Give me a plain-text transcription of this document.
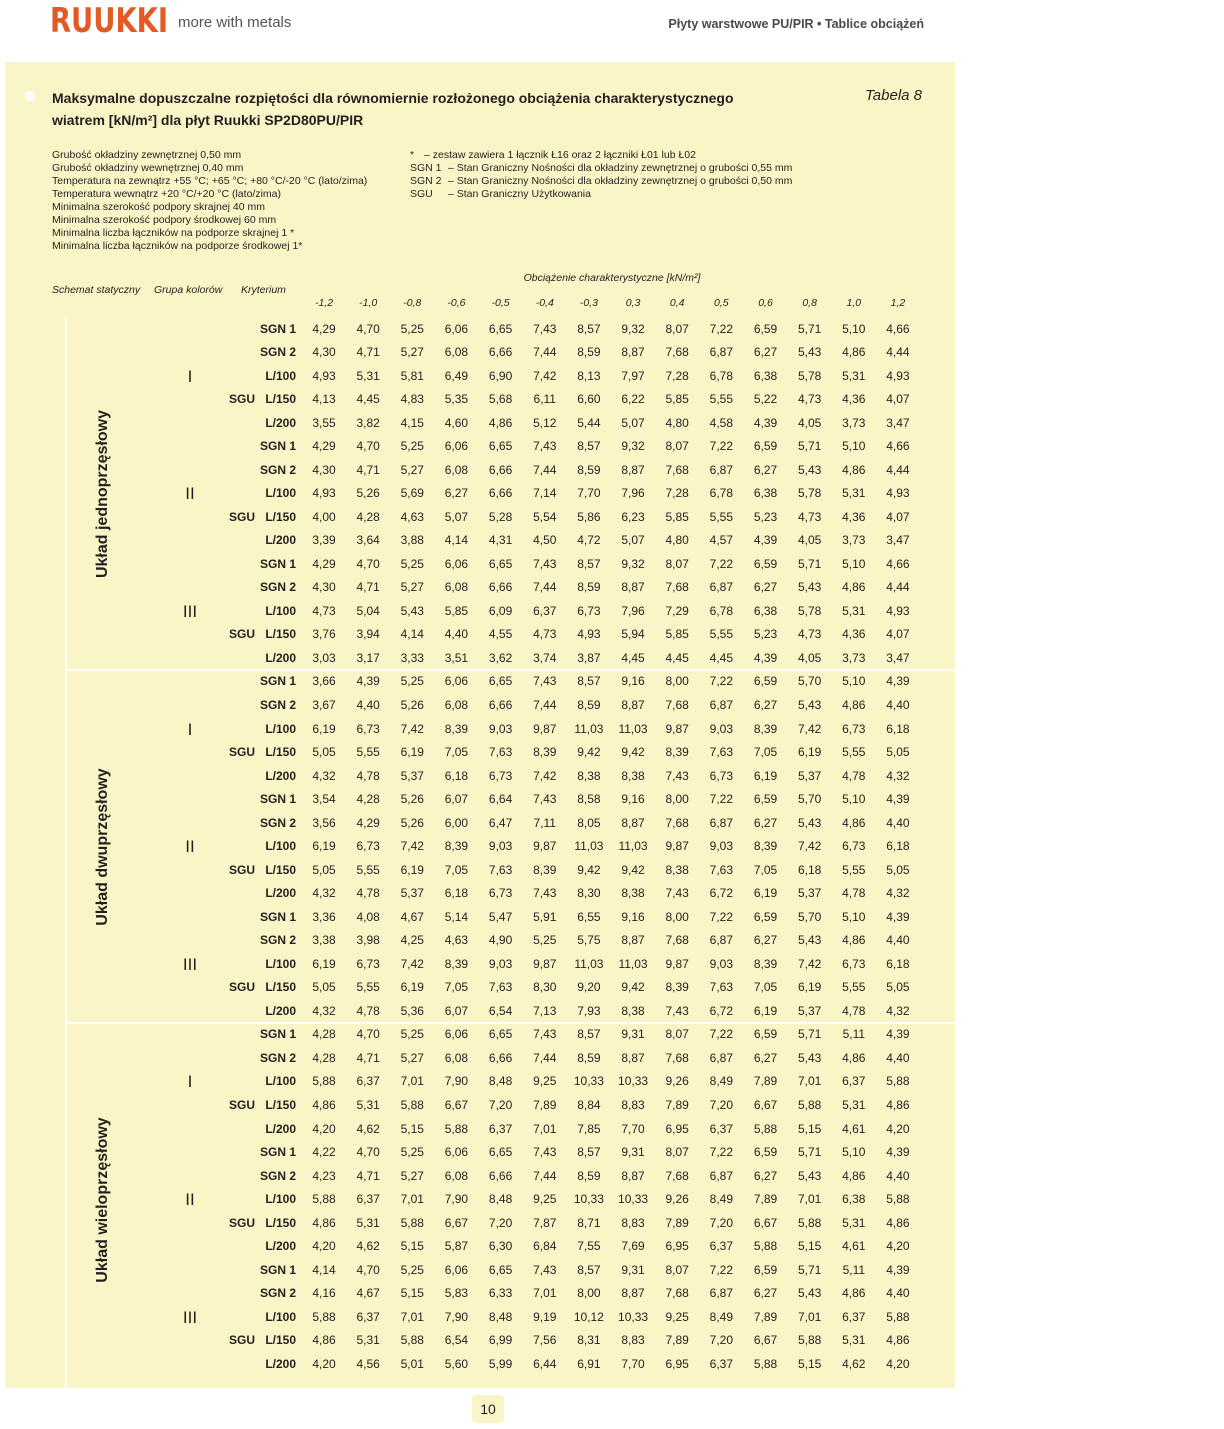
RUUKKI more with metals	Płyty warstwowe PU/PIR • Tablice obciążeń
Maksymalne dopuszczalne rozpiętości dla równomiernie rozłożonego obciążenia charakterystycznego
wiatrem [kN/m²] dla płyt Ruukki SP2D80PU/PIR
Tabela 8
Grubość okładziny zewnętrznej 0,50 mm
Grubość okładziny wewnętrznej 0,40 mm
Temperatura na zewnątrz +55 °C; +65 °C; +80 °C/-20 °C (lato/zima)
Temperatura wewnątrz +20 °C/+20 °C (lato/zima)
Minimalna szerokość podpory skrajnej 40 mm
Minimalna szerokość podpory środkowej 60 mm
Minimalna liczba łączników na podporze skrajnej 1 *
Minimalna liczba łączników na podporze środkowej 1*
* – zestaw zawiera 1 łącznik Ł16 oraz 2 łączniki Ł01 lub Ł02
SGN 1 – Stan Graniczny Nośności dla okładziny zewnętrznej o grubości 0,55 mm
SGN 2 – Stan Graniczny Nośności dla okładziny zewnętrznej o grubości 0,50 mm
SGU	– Stan Graniczny Użytkowania
Obciążenie charakterystyczne [kN/m²]
Schemat statyczny Grupa kolorów Kryterium
10
-1,2	-1,0	-0,8	-0,6	-0,5	-0,4	-0,3	0,3	0,4	0,5	0,6	0,8	1,0	1,2
Układ jednoprzęsłowy
SGN 1	4,29	4,70	5,25	6,06	6,65	7,43	8,57	9,32	8,07	7,22	6,59	5,71	5,10	4,66
SGN 2	4,30	4,71	5,27	6,08	6,66	7,44	8,59	8,87	7,68	6,87	6,27	5,43	4,86	4,44
I	L/100	4,93	5,31	5,81	6,49	6,90	7,42	8,13	7,97	7,28	6,78	6,38	5,78	5,31	4,93
SGU L/150	4,13	4,45	4,83	5,35	5,68	6,11	6,60	6,22	5,85	5,55	5,22	4,73	4,36	4,07
L/200	3,55	3,82	4,15	4,60	4,86	5,12	5,44	5,07	4,80	4,58	4,39	4,05	3,73	3,47
SGN 1	4,29	4,70	5,25	6,06	6,65	7,43	8,57	9,32	8,07	7,22	6,59	5,71	5,10	4,66
SGN 2	4,30	4,71	5,27	6,08	6,66	7,44	8,59	8,87	7,68	6,87	6,27	5,43	4,86	4,44
II	L/100	4,93	5,26	5,69	6,27	6,66	7,14	7,70	7,96	7,28	6,78	6,38	5,78	5,31	4,93
SGU L/150	4,00	4,28	4,63	5,07	5,28	5,54	5,86	6,23	5,85	5,55	5,23	4,73	4,36	4,07
L/200	3,39	3,64	3,88	4,14	4,31	4,50	4,72	5,07	4,80	4,57	4,39	4,05	3,73	3,47
SGN 1	4,29	4,70	5,25	6,06	6,65	7,43	8,57	9,32	8,07	7,22	6,59	5,71	5,10	4,66
SGN 2	4,30	4,71	5,27	6,08	6,66	7,44	8,59	8,87	7,68	6,87	6,27	5,43	4,86	4,44
III	L/100	4,73	5,04	5,43	5,85	6,09	6,37	6,73	7,96	7,29	6,78	6,38	5,78	5,31	4,93
SGU L/150	3,76	3,94	4,14	4,40	4,55	4,73	4,93	5,94	5,85	5,55	5,23	4,73	4,36	4,07
L/200	3,03	3,17	3,33	3,51	3,62	3,74	3,87	4,45	4,45	4,45	4,39	4,05	3,73	3,47
Układ dwuprzęsłowy
SGN 1	3,66	4,39	5,25	6,06	6,65	7,43	8,57	9,16	8,00	7,22	6,59	5,70	5,10	4,39
SGN 2	3,67	4,40	5,26	6,08	6,66	7,44	8,59	8,87	7,68	6,87	6,27	5,43	4,86	4,40
I	L/100	6,19	6,73	7,42	8,39	9,03	9,87	11,03	11,03	9,87	9,03	8,39	7,42	6,73	6,18
SGU L/150	5,05	5,55	6,19	7,05	7,63	8,39	9,42	9,42	8,39	7,63	7,05	6,19	5,55	5,05
L/200	4,32	4,78	5,37	6,18	6,73	7,42	8,38	8,38	7,43	6,73	6,19	5,37	4,78	4,32
SGN 1	3,54	4,28	5,26	6,07	6,64	7,43	8,58	9,16	8,00	7,22	6,59	5,70	5,10	4,39
SGN 2	3,56	4,29	5,26	6,00	6,47	7,11	8,05	8,87	7,68	6,87	6,27	5,43	4,86	4,40
II	L/100	6,19	6,73	7,42	8,39	9,03	9,87	11,03	11,03	9,87	9,03	8,39	7,42	6,73	6,18
SGU L/150	5,05	5,55	6,19	7,05	7,63	8,39	9,42	9,42	8,38	7,63	7,05	6,18	5,55	5,05
L/200	4,32	4,78	5,37	6,18	6,73	7,43	8,30	8,38	7,43	6,72	6,19	5,37	4,78	4,32
SGN 1	3,36	4,08	4,67	5,14	5,47	5,91	6,55	9,16	8,00	7,22	6,59	5,70	5,10	4,39
SGN 2	3,38	3,98	4,25	4,63	4,90	5,25	5,75	8,87	7,68	6,87	6,27	5,43	4,86	4,40
III	L/100	6,19	6,73	7,42	8,39	9,03	9,87	11,03	11,03	9,87	9,03	8,39	7,42	6,73	6,18
SGU L/150	5,05	5,55	6,19	7,05	7,63	8,30	9,20	9,42	8,39	7,63	7,05	6,19	5,55	5,05
L/200	4,32	4,78	5,36	6,07	6,54	7,13	7,93	8,38	7,43	6,72	6,19	5,37	4,78	4,32
Układ wieloprzęsłowy
SGN 1	4,28	4,70	5,25	6,06	6,65	7,43	8,57	9,31	8,07	7,22	6,59	5,71	5,11	4,39
SGN 2	4,28	4,71	5,27	6,08	6,66	7,44	8,59	8,87	7,68	6,87	6,27	5,43	4,86	4,40
I	L/100	5,88	6,37	7,01	7,90	8,48	9,25	10,33	10,33	9,26	8,49	7,89	7,01	6,37	5,88
SGU L/150	4,86	5,31	5,88	6,67	7,20	7,89	8,84	8,83	7,89	7,20	6,67	5,88	5,31	4,86
L/200	4,20	4,62	5,15	5,88	6,37	7,01	7,85	7,70	6,95	6,37	5,88	5,15	4,61	4,20
SGN 1	4,22	4,70	5,25	6,06	6,65	7,43	8,57	9,31	8,07	7,22	6,59	5,71	5,10	4,39
SGN 2	4,23	4,71	5,27	6,08	6,66	7,44	8,59	8,87	7,68	6,87	6,27	5,43	4,86	4,40
II	L/100	5,88	6,37	7,01	7,90	8,48	9,25	10,33	10,33	9,26	8,49	7,89	7,01	6,38	5,88
SGU L/150	4,86	5,31	5,88	6,67	7,20	7,87	8,71	8,83	7,89	7,20	6,67	5,88	5,31	4,86
L/200	4,20	4,62	5,15	5,87	6,30	6,84	7,55	7,69	6,95	6,37	5,88	5,15	4,61	4,20
SGN 1	4,14	4,70	5,25	6,06	6,65	7,43	8,57	9,31	8,07	7,22	6,59	5,71	5,11	4,39
SGN 2	4,16	4,67	5,15	5,83	6,33	7,01	8,00	8,87	7,68	6,87	6,27	5,43	4,86	4,40
III	L/100	5,88	6,37	7,01	7,90	8,48	9,19	10,12	10,33	9,25	8,49	7,89	7,01	6,37	5,88
SGU L/150	4,86	5,31	5,88	6,54	6,99	7,56	8,31	8,83	7,89	7,20	6,67	5,88	5,31	4,86
L/200	4,20	4,56	5,01	5,60	5,99	6,44	6,91	7,70	6,95	6,37	5,88	5,15	4,62	4,20
